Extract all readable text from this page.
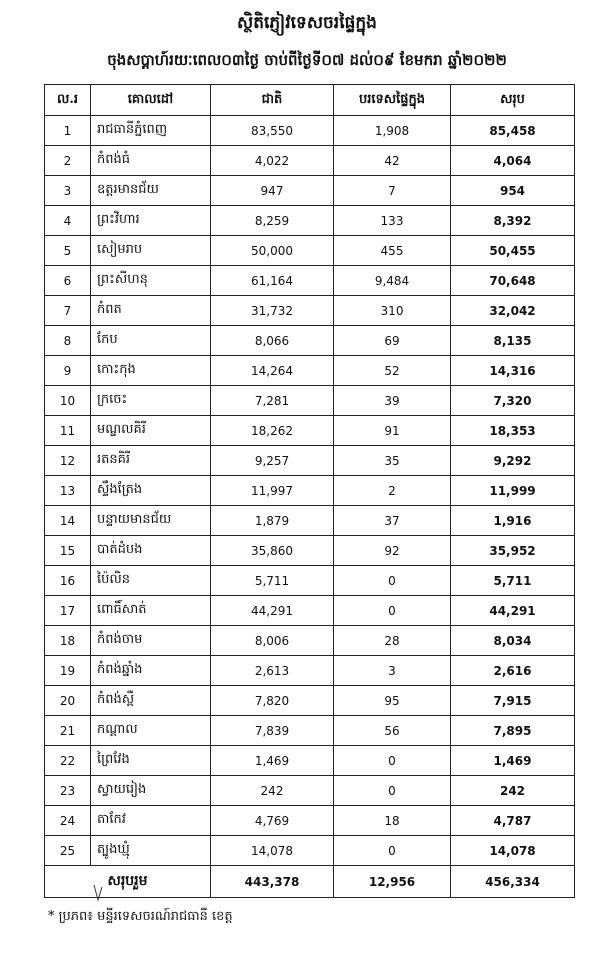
ស្ថិតិភ្ញៀវទេសចរផ្ទៃក្នុង
ចុងសប្តាហ៍រយៈពេល០៣ថ្ងៃ ចាប់ពីថ្ងៃទី០៧ ដល់០៩ ខែមករា ឆ្នាំ២០២២
ល.រ	គោលដៅ	ជាតិ	បរទេសផ្ទៃក្នុង	សរុប
1	រាជធានីភ្នំពេញ	83,550	1,908	85,458
2	កំពង់ធំ	4,022	42	4,064
3	ឧត្តរមានជ័យ	947	7	954
4	ព្រះវិហារ	8,259	133	8,392
5	សៀមរាប	50,000	455	50,455
6	ព្រះសីហនុ	61,164	9,484	70,648
7	កំពត	31,732	310	32,042
8	កែប	8,066	69	8,135
9	កោះកុង	14,264	52	14,316
10	ក្រចេះ	7,281	39	7,320
11	មណ្ឌលគិរី	18,262	91	18,353
12	រតនគិរី	9,257	35	9,292
13	ស្ទឹងត្រែង	11,997	2	11,999
14	បន្ទាយមានជ័យ	1,879	37	1,916
15	បាត់ដំបង	35,860	92	35,952
16	ប៉ៃលិន	5,711	0	5,711
17	ពោធិ៍សាត់	44,291	0	44,291
18	កំពង់ចាម	8,006	28	8,034
19	កំពង់ឆ្នាំង	2,613	3	2,616
20	កំពង់ស្ពឺ	7,820	95	7,915
21	កណ្តាល	7,839	56	7,895
22	ព្រៃវែង	1,469	0	1,469
23	ស្វាយរៀង	242	0	242
24	តាកែវ	4,769	18	4,787
25	ត្បូងឃ្មុំ	14,078	0	14,078
សរុបរួម		443,378	12,956	456,334
* ប្រភព៖ មន្ទីរទេសចរណ៍រាជធានី ខេត្ត
